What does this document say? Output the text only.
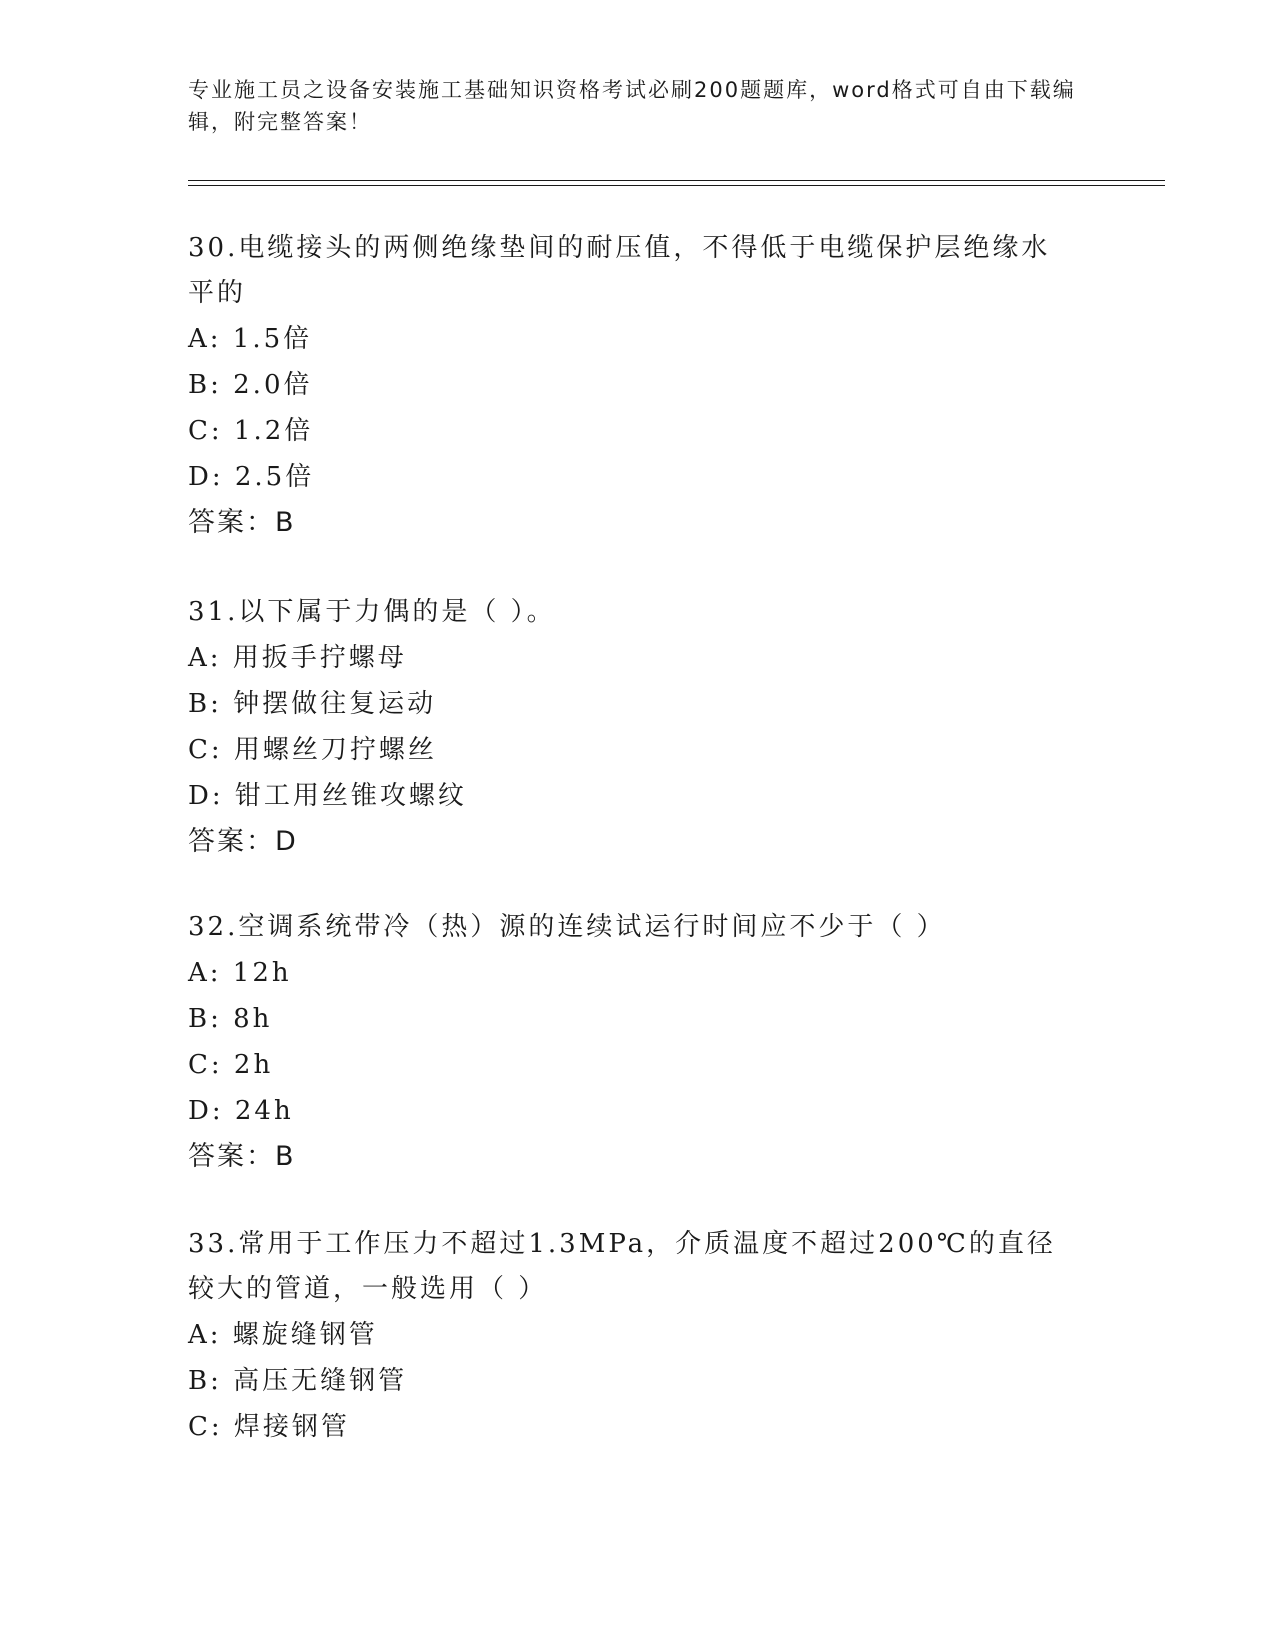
专业施工员之设备安装施工基础知识资格考试必刷200题题库，word格式可自由下载编辑，附完整答案！

30.电缆接头的两侧绝缘垫间的耐压值，不得低于电缆保护层绝缘水平的

A: 1.5倍

B: 2.0倍

C: 1.2倍

D: 2.5倍

答案：B

31.以下属于力偶的是（ ）。

A: 用扳手拧螺母

B: 钟摆做往复运动

C: 用螺丝刀拧螺丝

D: 钳工用丝锥攻螺纹

答案：D

32.空调系统带冷（热）源的连续试运行时间应不少于（ ）

A: 12h

B: 8h

C: 2h

D: 24h

答案：B

33.常用于工作压力不超过1.3MPa，介质温度不超过200℃的直径较大的管道，一般选用（ ）

A: 螺旋缝钢管

B: 高压无缝钢管

C: 焊接钢管
